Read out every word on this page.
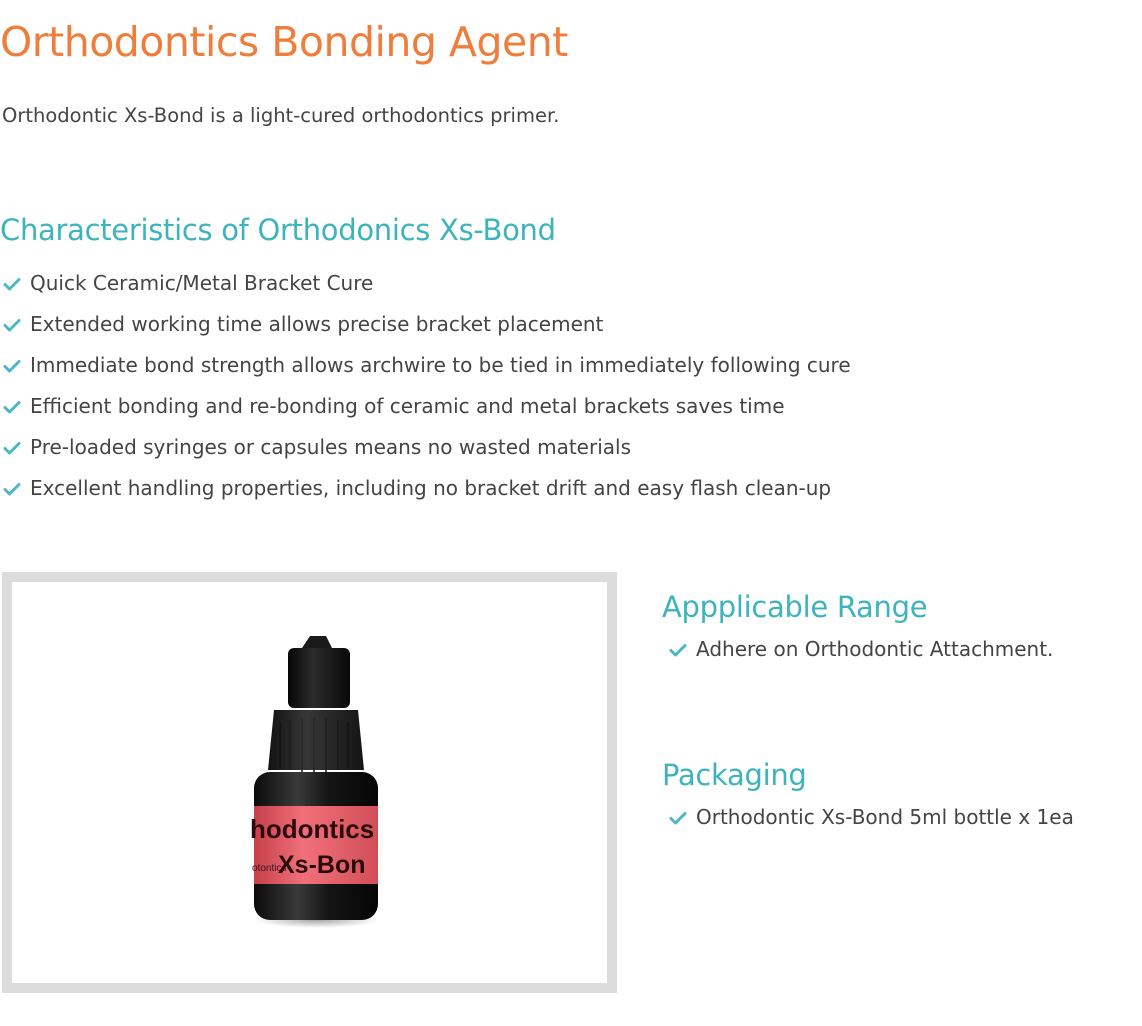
Orthodontics Bonding Agent

Orthodontic Xs-Bond is a light-cured orthodontics primer.

Characteristics of Orthodonics Xs-Bond
Quick Ceramic/Metal Bracket Cure
Extended working time allows precise bracket placement
Immediate bond strength allows archwire to be tied in immediately following cure
Efficient bonding and re-bonding of ceramic and metal brackets saves time
Pre-loaded syringes or capsules means no wasted materials
Excellent handling properties, including no bracket drift and easy flash clean-up
hodontics
otontics
Xs-Bon
Appplicable Range
Adhere on Orthodontic Attachment.
Packaging
Orthodontic Xs-Bond 5ml bottle x 1ea
